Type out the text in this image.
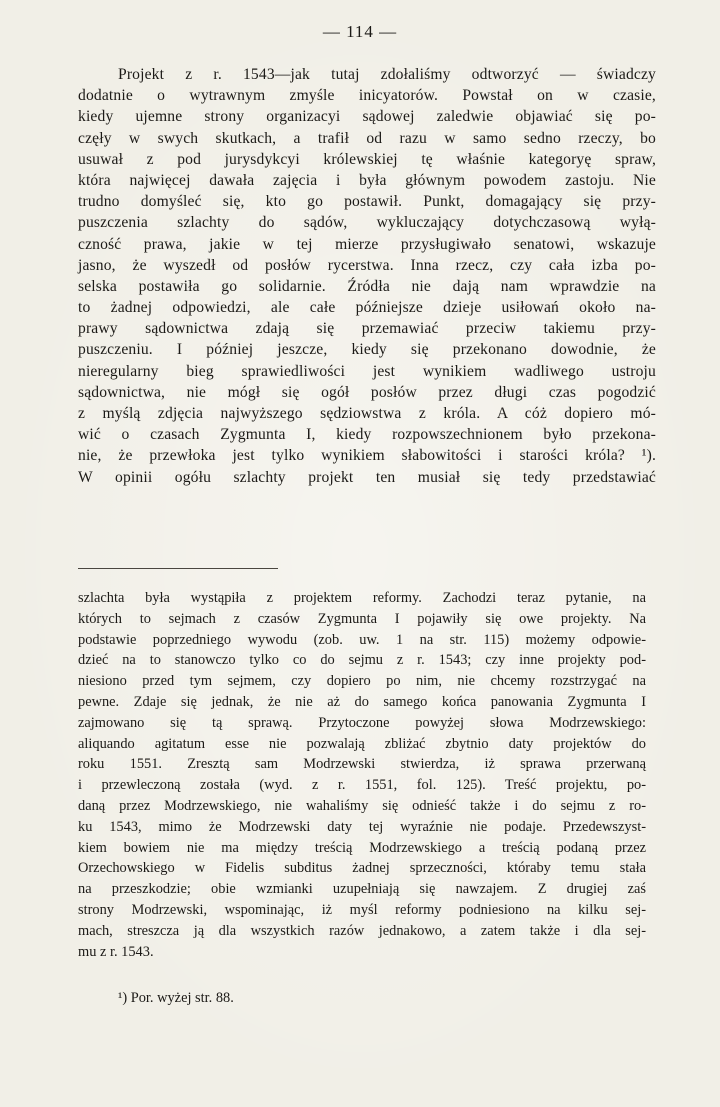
— 114 —
Projekt z r. 1543—jak tutaj zdołaliśmy odtworzyć — świadczy
dodatnie o wytrawnym zmyśle inicyatorów. Powstał on w czasie,
kiedy ujemne strony organizacyi sądowej zaledwie objawiać się po-
częły w swych skutkach, a trafił od razu w samo sedno rzeczy, bo
usuwał z pod jurysdykcyi królewskiej tę właśnie kategoryę spraw,
która najwięcej dawała zajęcia i była głównym powodem zastoju. Nie
trudno domyśleć się, kto go postawił. Punkt, domagający się przy-
puszczenia szlachty do sądów, wykluczający dotychczasową wyłą-
czność prawa, jakie w tej mierze przysługiwało senatowi, wskazuje
jasno, że wyszedł od posłów rycerstwa. Inna rzecz, czy cała izba po-
selska postawiła go solidarnie. Źródła nie dają nam wprawdzie na
to żadnej odpowiedzi, ale całe późniejsze dzieje usiłowań około na-
prawy sądownictwa zdają się przemawiać przeciw takiemu przy-
puszczeniu. I później jeszcze, kiedy się przekonano dowodnie, że
nieregularny bieg sprawiedliwości jest wynikiem wadliwego ustroju
sądownictwa, nie mógł się ogół posłów przez długi czas pogodzić
z myślą zdjęcia najwyższego sędziowstwa z króla. A cóż dopiero mó-
wić o czasach Zygmunta I, kiedy rozpowszechnionem było przekona-
nie, że przewłoka jest tylko wynikiem słabowitości i starości króla? ¹).
W opinii ogółu szlachty projekt ten musiał się tedy przedstawiać
szlachta była wystąpiła z projektem reformy. Zachodzi teraz pytanie, na
których to sejmach z czasów Zygmunta I pojawiły się owe projekty. Na
podstawie poprzedniego wywodu (zob. uw. 1 na str. 115) możemy odpowie-
dzieć na to stanowczo tylko co do sejmu z r. 1543; czy inne projekty pod-
niesiono przed tym sejmem, czy dopiero po nim, nie chcemy rozstrzygać na
pewne. Zdaje się jednak, że nie aż do samego końca panowania Zygmunta I
zajmowano się tą sprawą. Przytoczone powyżej słowa Modrzewskiego:
aliquando agitatum esse nie pozwalają zbliżać zbytnio daty projektów do
roku 1551. Zresztą sam Modrzewski stwierdza, iż sprawa przerwaną
i przewleczoną została (wyd. z r. 1551, fol. 125). Treść projektu, po-
daną przez Modrzewskiego, nie wahaliśmy się odnieść także i do sejmu z ro-
ku 1543, mimo że Modrzewski daty tej wyraźnie nie podaje. Przedewszyst-
kiem bowiem nie ma między treścią Modrzewskiego a treścią podaną przez
Orzechowskiego w Fidelis subditus żadnej sprzeczności, któraby temu stała
na przeszkodzie; obie wzmianki uzupełniają się nawzajem. Z drugiej zaś
strony Modrzewski, wspominając, iż myśl reformy podniesiono na kilku sej-
mach, streszcza ją dla wszystkich razów jednakowo, a zatem także i dla sej-
mu z r. 1543.
¹) Por. wyżej str. 88.
